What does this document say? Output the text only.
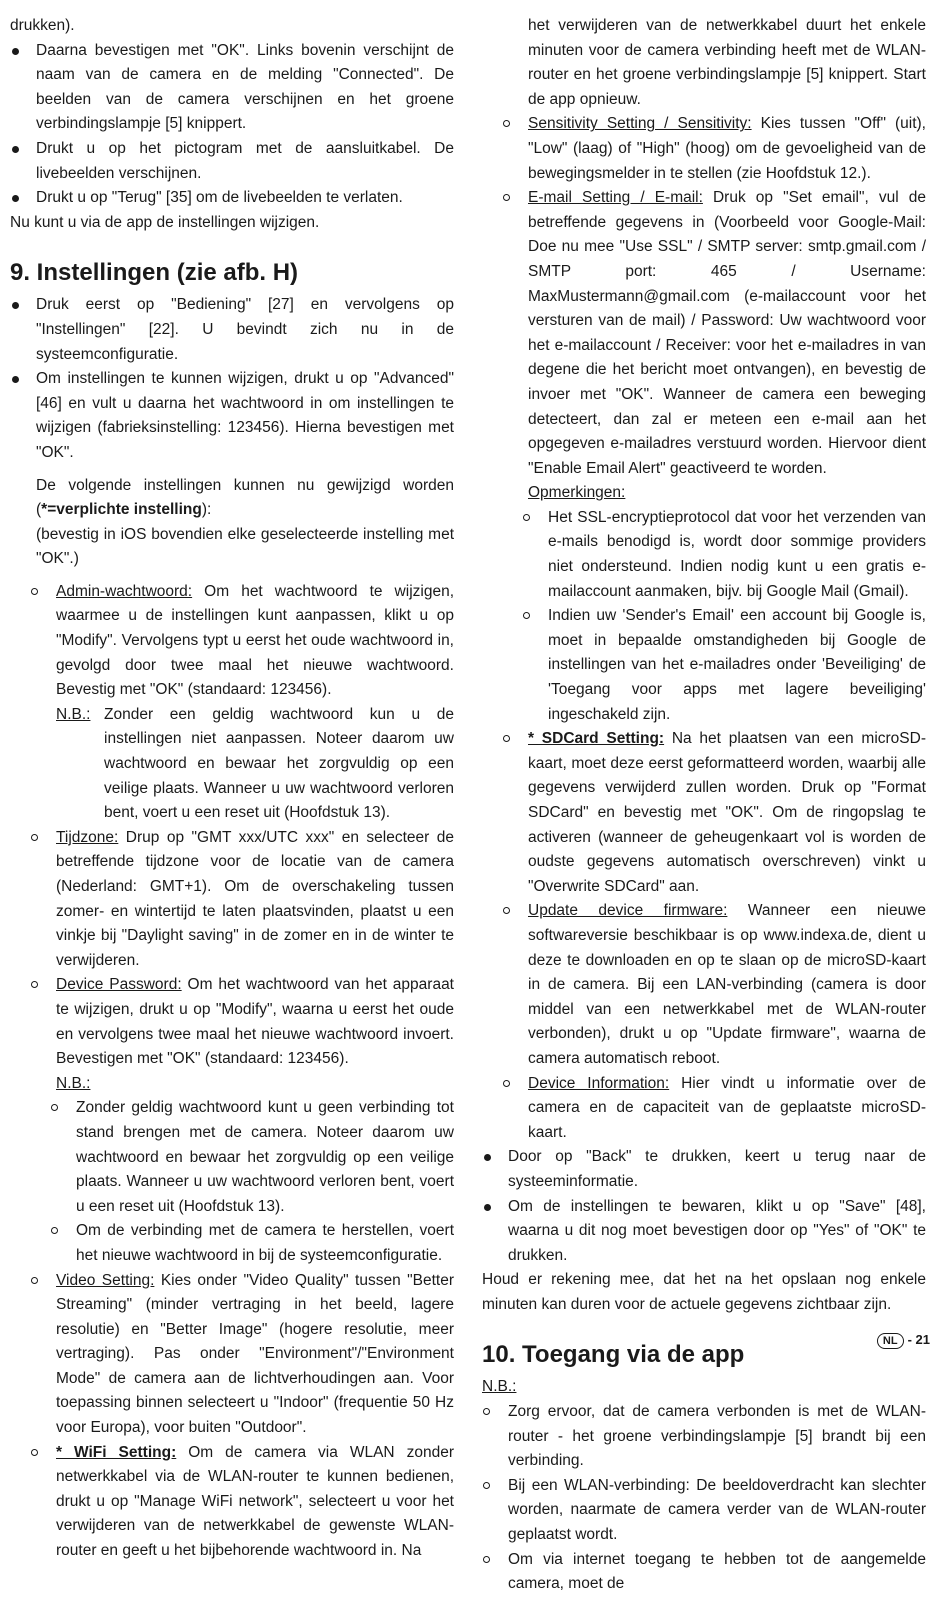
drukken).

Daarna bevestigen met "OK". Links bovenin verschijnt de naam van de camera en de melding "Connected". De beelden van de camera verschijnen en het groene verbindingslampje [5] knippert.

Drukt u op het pictogram met de aansluitkabel. De livebeelden verschijnen.

Drukt u op "Terug" [35] om de livebeelden te verlaten.

Nu kunt u via de app de instellingen wijzigen.

9. Instellingen (zie afb. H)

Druk eerst op "Bediening" [27] en vervolgens op "Instellingen" [22]. U bevindt zich nu in de systeemconfiguratie.

Om instellingen te kunnen wijzigen, drukt u op "Advanced" [46] en vult u daarna het wachtwoord in om instellingen te wijzigen (fabrieksinstelling: 123456). Hierna bevestigen met "OK".

De volgende instellingen kunnen nu gewijzigd worden (*=verplichte instelling):

(bevestig in iOS bovendien elke geselecteerde instelling met "OK".)

Admin-wachtwoord: Om het wachtwoord te wijzigen, waarmee u de instellingen kunt aanpassen, klikt u op "Modify". Vervolgens typt u eerst het oude wachtwoord in, gevolgd door twee maal het nieuwe wachtwoord. Bevestig met "OK" (standaard: 123456).

N.B.: Zonder een geldig wachtwoord kun u de instellingen niet aanpassen. Noteer daarom uw wachtwoord en bewaar het zorgvuldig op een veilige plaats. Wanneer u uw wachtwoord verloren bent, voert u een reset uit (Hoofdstuk 13).

Tijdzone: Drup op "GMT xxx/UTC xxx" en selecteer de betreffende tijdzone voor de locatie van de camera (Nederland: GMT+1). Om de overschakeling tussen zomer- en wintertijd te laten plaatsvinden, plaatst u een vinkje bij "Daylight saving" in de zomer en in de winter te verwijderen.

Device Password: Om het wachtwoord van het apparaat te wijzigen, drukt u op "Modify", waarna u eerst het oude en vervolgens twee maal het nieuwe wachtwoord invoert. Bevestigen met "OK" (standaard: 123456).

N.B.:

Zonder geldig wachtwoord kunt u geen verbinding tot stand brengen met de camera. Noteer daarom uw wachtwoord en bewaar het zorgvuldig op een veilige plaats. Wanneer u uw wachtwoord verloren bent, voert u een reset uit (Hoofdstuk 13).

Om de verbinding met de camera te herstellen, voert het nieuwe wachtwoord in bij de systeemconfiguratie.

Video Setting: Kies onder "Video Quality" tussen "Better Streaming" (minder vertraging in het beeld, lagere resolutie) en "Better Image" (hogere resolutie, meer vertraging). Pas onder "Environment"/"Environment Mode" de camera aan de lichtverhoudingen aan. Voor toepassing binnen selecteert u "Indoor" (frequentie 50 Hz voor Europa), voor buiten "Outdoor".

* WiFi Setting: Om de camera via WLAN zonder netwerkkabel via de WLAN-router te kunnen bedienen, drukt u op "Manage WiFi network", selecteert u voor het verwijderen van de netwerkkabel de gewenste WLAN-router en geeft u het bijbehorende wachtwoord in. Na

het verwijderen van de netwerkkabel duurt het enkele minuten voor de camera verbinding heeft met de WLAN-router en het groene verbindingslampje [5] knippert. Start de app opnieuw.

Sensitivity Setting / Sensitivity: Kies tussen "Off" (uit), "Low" (laag) of "High" (hoog) om de gevoeligheid van de bewegingsmelder in te stellen (zie Hoofdstuk 12.).

E-mail Setting / E-mail: Druk op "Set email", vul de betreffende gegevens in (Voorbeeld voor Google-Mail: Doe nu mee "Use SSL" / SMTP server: smtp.gmail.com / SMTP port: 465 / Username: MaxMustermann@gmail.com (e-mailaccount voor het versturen van de mail) / Password: Uw wachtwoord voor het e-mailaccount / Receiver: voor het e-mailadres in van degene die het bericht moet ontvangen), en bevestig de invoer met "OK". Wanneer de camera een beweging detecteert, dan zal er meteen een e-mail aan het opgegeven e-mailadres verstuurd worden. Hiervoor dient "Enable Email Alert" geactiveerd te worden.

Opmerkingen:

Het SSL-encryptieprotocol dat voor het verzenden van e-mails benodigd is, wordt door sommige providers niet ondersteund. Indien nodig kunt u een gratis e-mailaccount aanmaken, bijv. bij Google Mail (Gmail).

Indien uw 'Sender's Email' een account bij Google is, moet in bepaalde omstandigheden bij Google de instellingen van het e-mailadres onder 'Beveiliging' de 'Toegang voor apps met lagere beveiliging' ingeschakeld zijn.

* SDCard Setting: Na het plaatsen van een microSD-kaart, moet deze eerst geformatteerd worden, waarbij alle gegevens verwijderd zullen worden. Druk op "Format SDCard" en bevestig met "OK". Om de ringopslag te activeren (wanneer de geheugenkaart vol is worden de oudste gegevens automatisch overschreven) vinkt u "Overwrite SDCard" aan.

Update device firmware: Wanneer een nieuwe softwareversie beschikbaar is op www.indexa.de, dient u deze te downloaden en op te slaan op de microSD-kaart in de camera. Bij een LAN-verbinding (camera is door middel van een netwerkkabel met de WLAN-router verbonden), drukt u op "Update firmware", waarna de camera automatisch reboot.

Device Information: Hier vindt u informatie over de camera en de capaciteit van de geplaatste microSD-kaart.

Door op "Back" te drukken, keert u terug naar de systeeminformatie.

Om de instellingen te bewaren, klikt u op "Save" [48], waarna u dit nog moet bevestigen door op "Yes" of "OK" te drukken.

Houd er rekening mee, dat het na het opslaan nog enkele minuten kan duren voor de actuele gegevens zichtbaar zijn.

10. Toegang via de app

N.B.:

Zorg ervoor, dat de camera verbonden is met de WLAN-router - het groene verbindingslampje [5] brandt bij een verbinding.

Bij een WLAN-verbinding: De beeldoverdracht kan slechter worden, naarmate de camera verder van de WLAN-router geplaatst wordt.

Om via internet toegang te hebben tot de aangemelde camera, moet de

NL - 21
